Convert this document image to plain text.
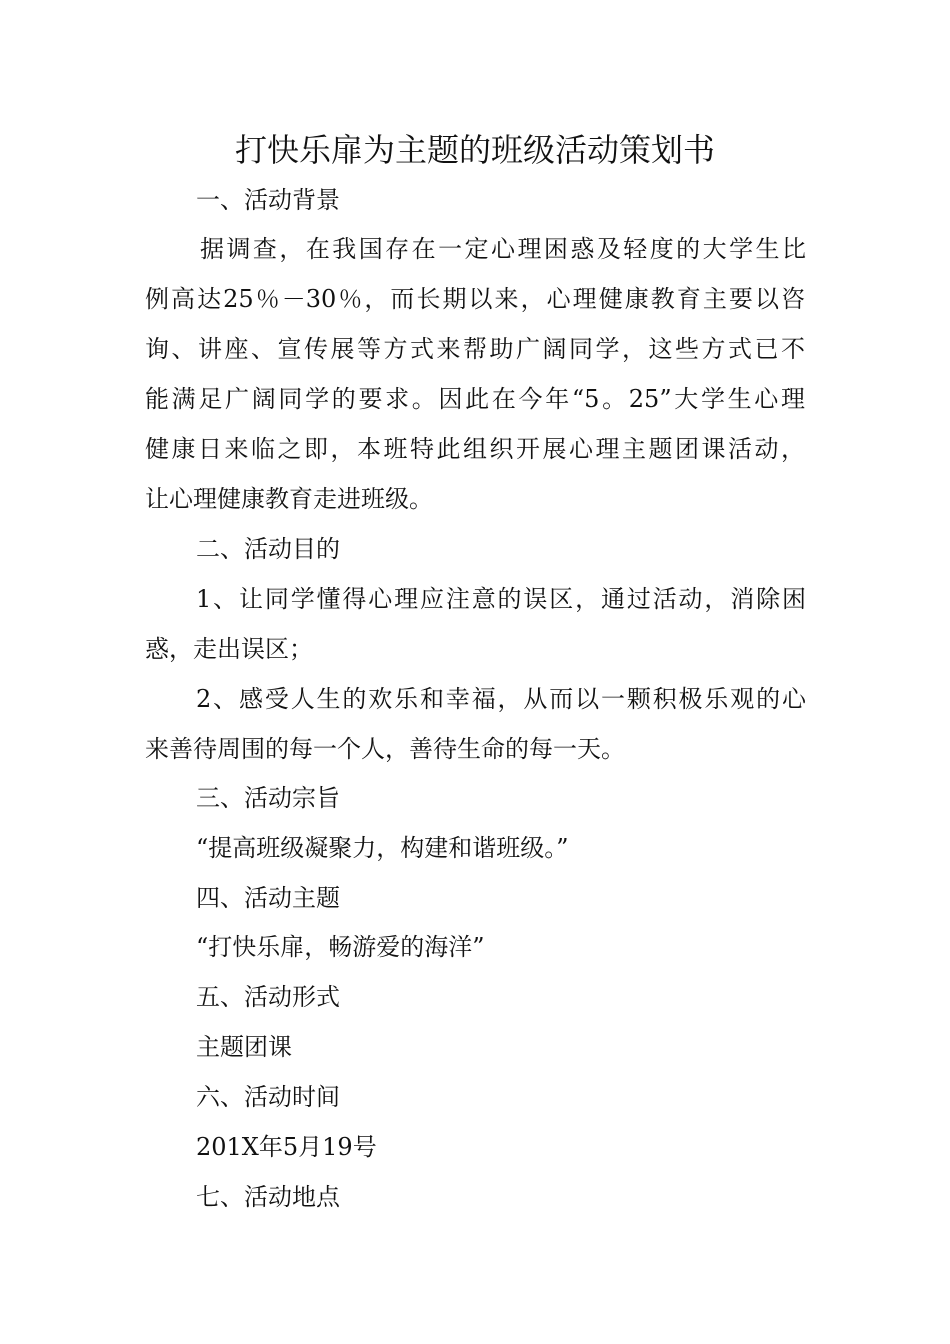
打快乐扉为主题的班级活动策划书
一、活动背景
据调查，在我国存在一定心理困惑及轻度的大学生比
例高达25％－30％，而长期以来，心理健康教育主要以咨
询、讲座、宣传展等方式来帮助广阔同学，这些方式已不
能满足广阔同学的要求。因此在今年“5。25”大学生心理
健康日来临之即，本班特此组织开展心理主题团课活动，
让心理健康教育走进班级。
二、活动目的
1、让同学懂得心理应注意的误区，通过活动，消除困
惑，走出误区；
2、感受人生的欢乐和幸福，从而以一颗积极乐观的心
来善待周围的每一个人，善待生命的每一天。
三、活动宗旨
“提高班级凝聚力，构建和谐班级。”
四、活动主题
“打快乐扉，畅游爱的海洋”
五、活动形式
主题团课
六、活动时间
201X年5月19号
七、活动地点
